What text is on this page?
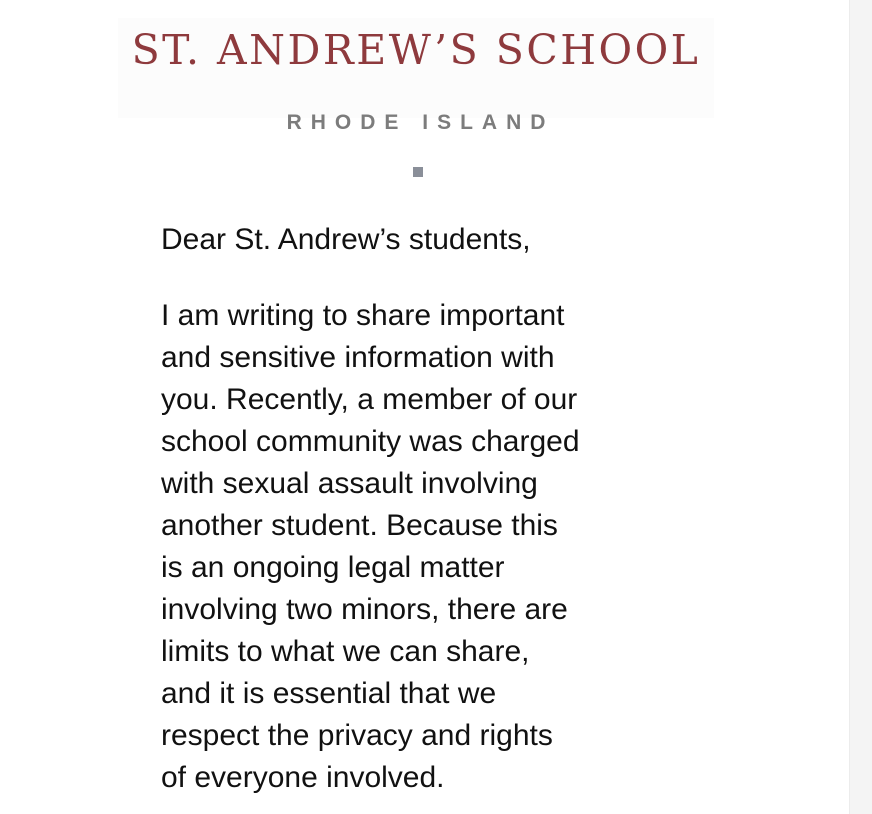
ST. ANDREW’S SCHOOL
RHODE ISLAND

Dear St. Andrew’s students,

I am writing to share important
and sensitive information with
you. Recently, a member of our
school community was charged
with sexual assault involving
another student. Because this
is an ongoing legal matter
involving two minors, there are
limits to what we can share,
and it is essential that we
respect the privacy and rights
of everyone involved.
